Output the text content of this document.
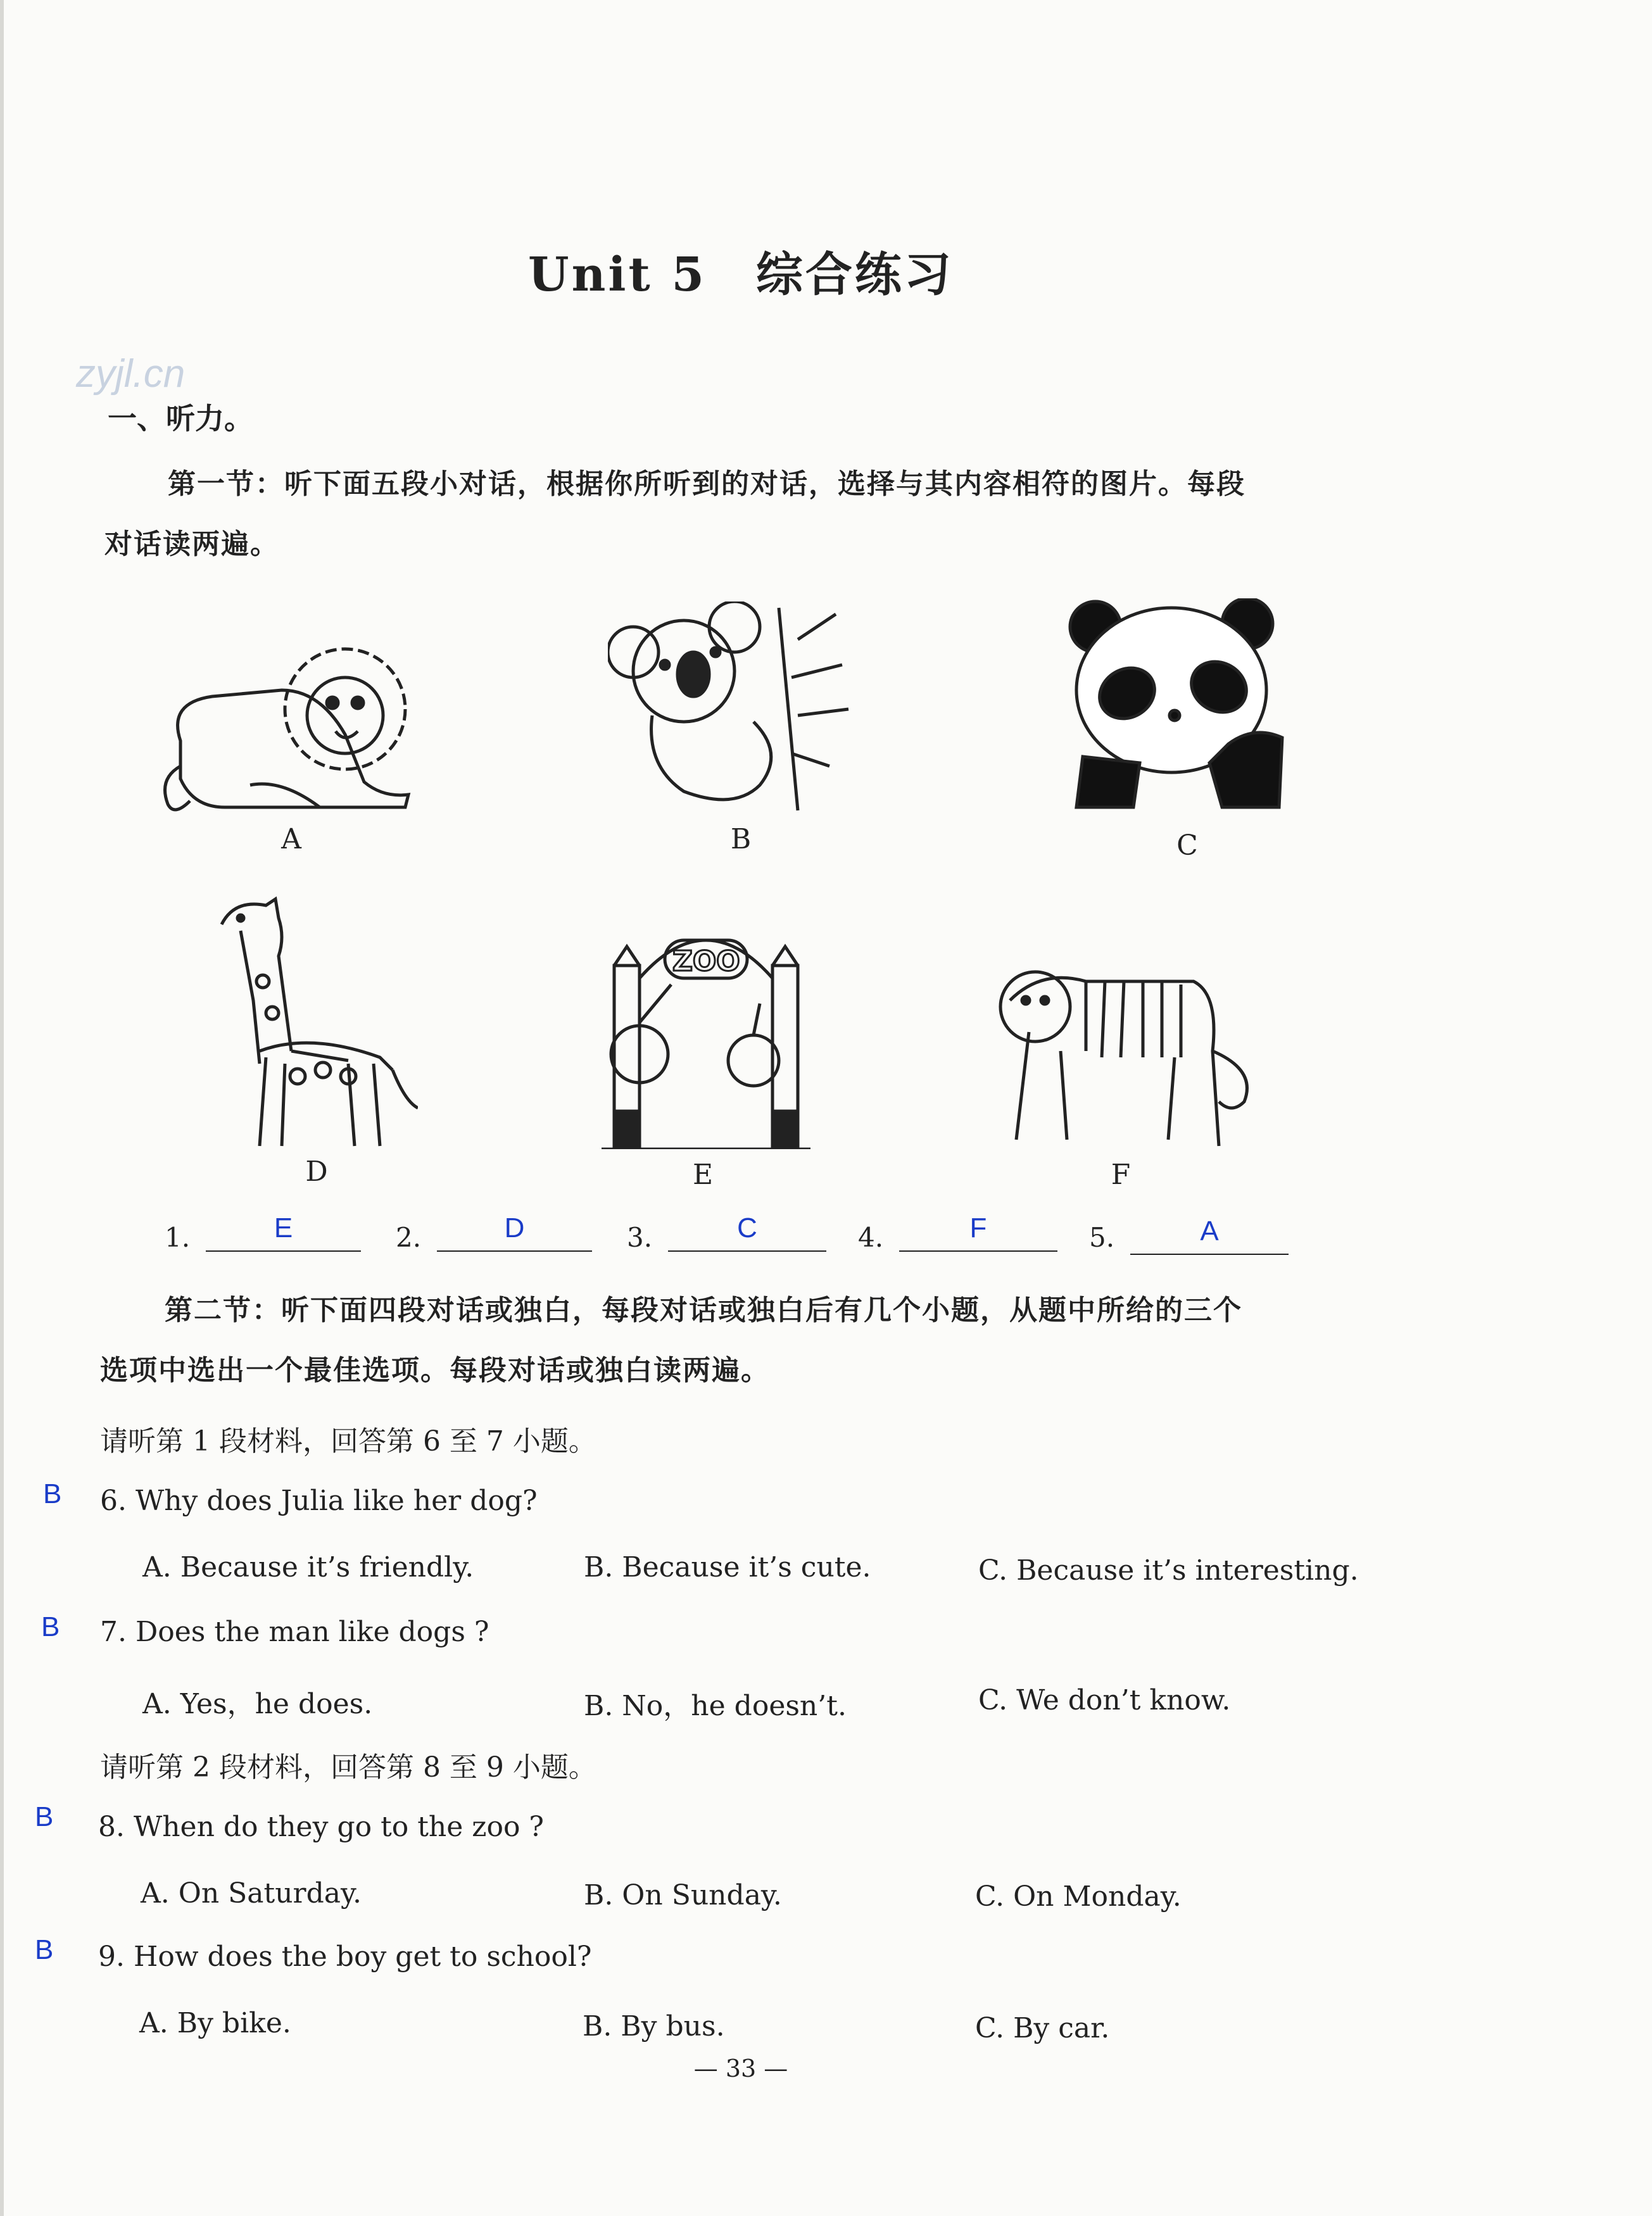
Unit 5　综合练习
zyjl.cn
一、听力。
第一节：听下面五段小对话，根据你所听到的对话，选择与其内容相符的图片。每段
对话读两遍。
A	B	C
D
ZOO
E	F
1.	E	2.	D	3.	C	4.	F	5.	A
第二节：听下面四段对话或独白，每段对话或独白后有几个小题，从题中所给的三个
选项中选出一个最佳选项。每段对话或独白读两遍。
请听第 1 段材料，回答第 6 至 7 小题。
B 6. Why does Julia like her dog?
A. Because it’s friendly.	B. Because it’s cute.	C. Because it’s interesting.
B 7. Does the man like dogs ?
A. Yes，he does.	B. No，he doesn’t.	C. We don’t know.
请听第 2 段材料，回答第 8 至 9 小题。
B 8. When do they go to the zoo ?
A. On Saturday.	B. On Sunday.	C. On Monday.
B 9. How does the boy get to school?
A. By bike.	B. By bus.	C. By car.
— 33 —
